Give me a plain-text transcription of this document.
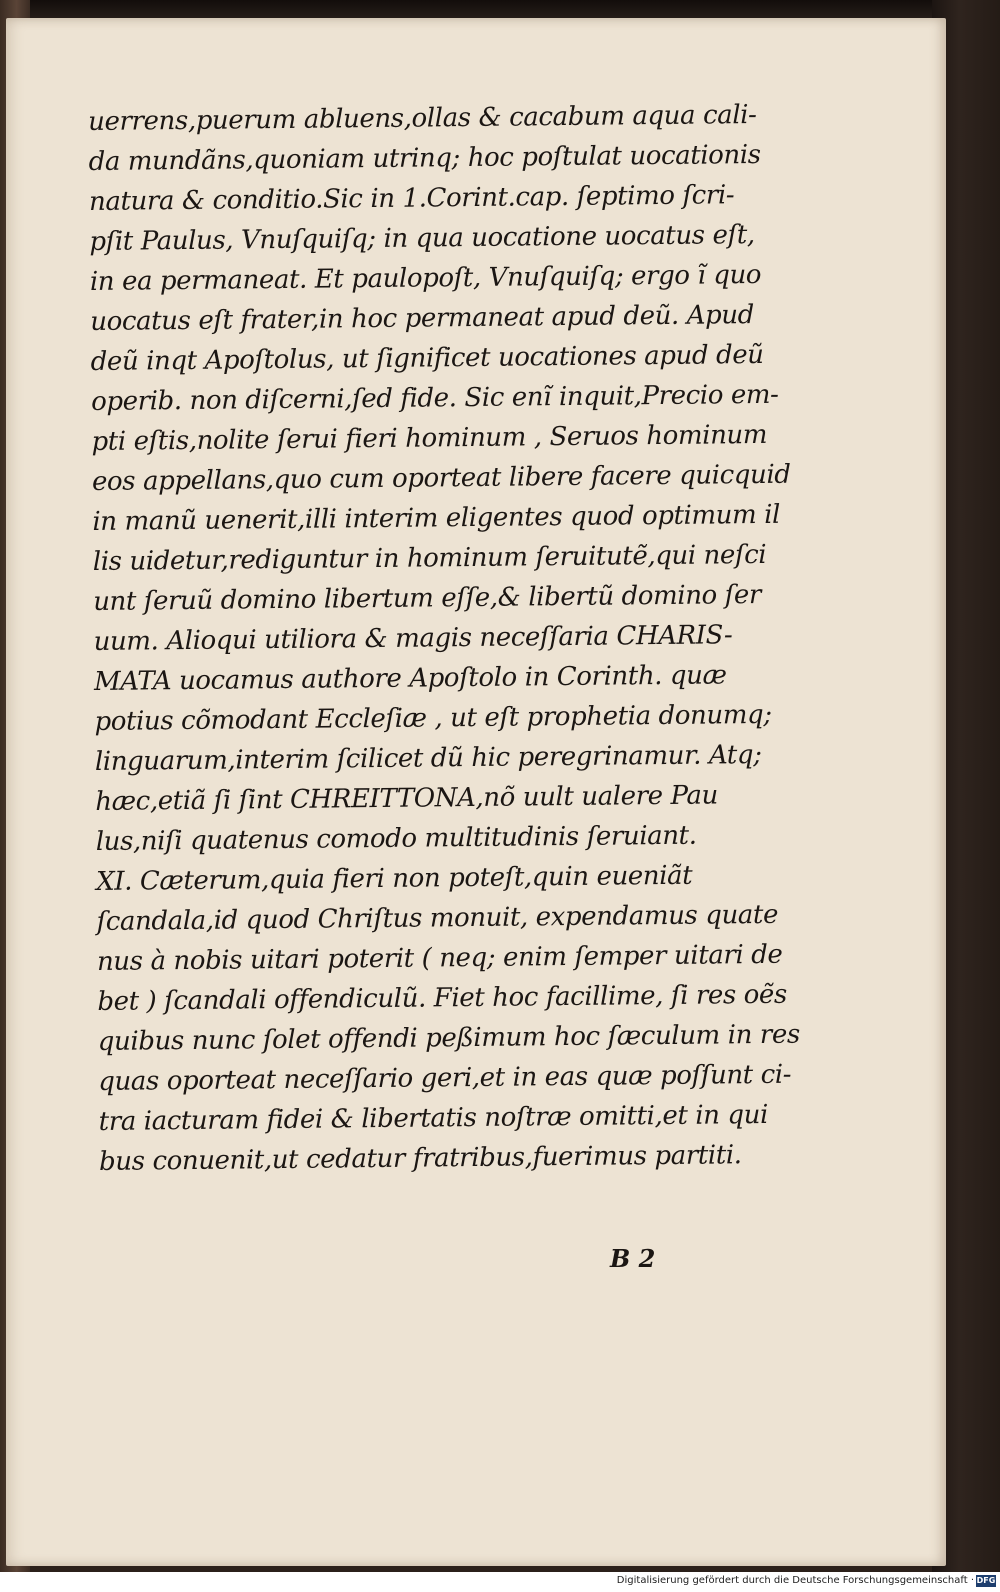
uerrens,puerum abluens,ollas & cacabum aqua cali-
da mundãns,quoniam utrinq; hoc poſtulat uocationis
natura & conditio.Sic in 1.Corint.cap. ſeptimo ſcri-
pſit Paulus, Vnuſquiſq; in qua uocatione uocatus eſt,
in ea permaneat. Et paulopoſt, Vnuſquiſq; ergo ĩ quo
uocatus eſt frater,in hoc permaneat apud deũ. Apud
deũ inqt Apoſtolus, ut ſignificet uocationes apud deũ
operib. non diſcerni,ſed fide. Sic enĩ inquit,Precio em-
pti eſtis,nolite ſerui fieri hominum , Seruos hominum
eos appellans,quo cum oporteat libere facere quicquid
in manũ uenerit,illi interim eligentes quod optimum il
lis uidetur,rediguntur in hominum ſeruitutẽ,qui neſci
unt ſeruũ domino libertum eſſe,& libertũ domino ſer
uum. Alioqui utiliora & magis neceſſaria CHARIS-
MATA uocamus authore Apoſtolo in Corinth. quæ
potius cõmodant Eccleſiæ , ut eſt prophetia donumq;
linguarum,interim ſcilicet dũ hic peregrinamur. Atq;
hæc,etiã ſi ſint CHREITTONA,nõ uult ualere Pau
lus,niſi quatenus comodo multitudinis ſeruiant.
XI. Cæterum,quia fieri non poteſt,quin eueniãt
ſcandala,id quod Chriſtus monuit, expendamus quate
nus à nobis uitari poterit ( neq; enim ſemper uitari de
bet ) ſcandali offendiculũ. Fiet hoc facillime, ſi res oẽs
quibus nunc ſolet offendi peßimum hoc ſæculum in res
quas oporteat neceſſario geri,et in eas quæ poſſunt ci-
tra iacturam fidei & libertatis noſtræ omitti,et in qui
bus conuenit,ut cedatur fratribus,fuerimus partiti.
B 2
Digitalisierung gefördert durch die Deutsche Forschungsgemeinschaft · DFG
